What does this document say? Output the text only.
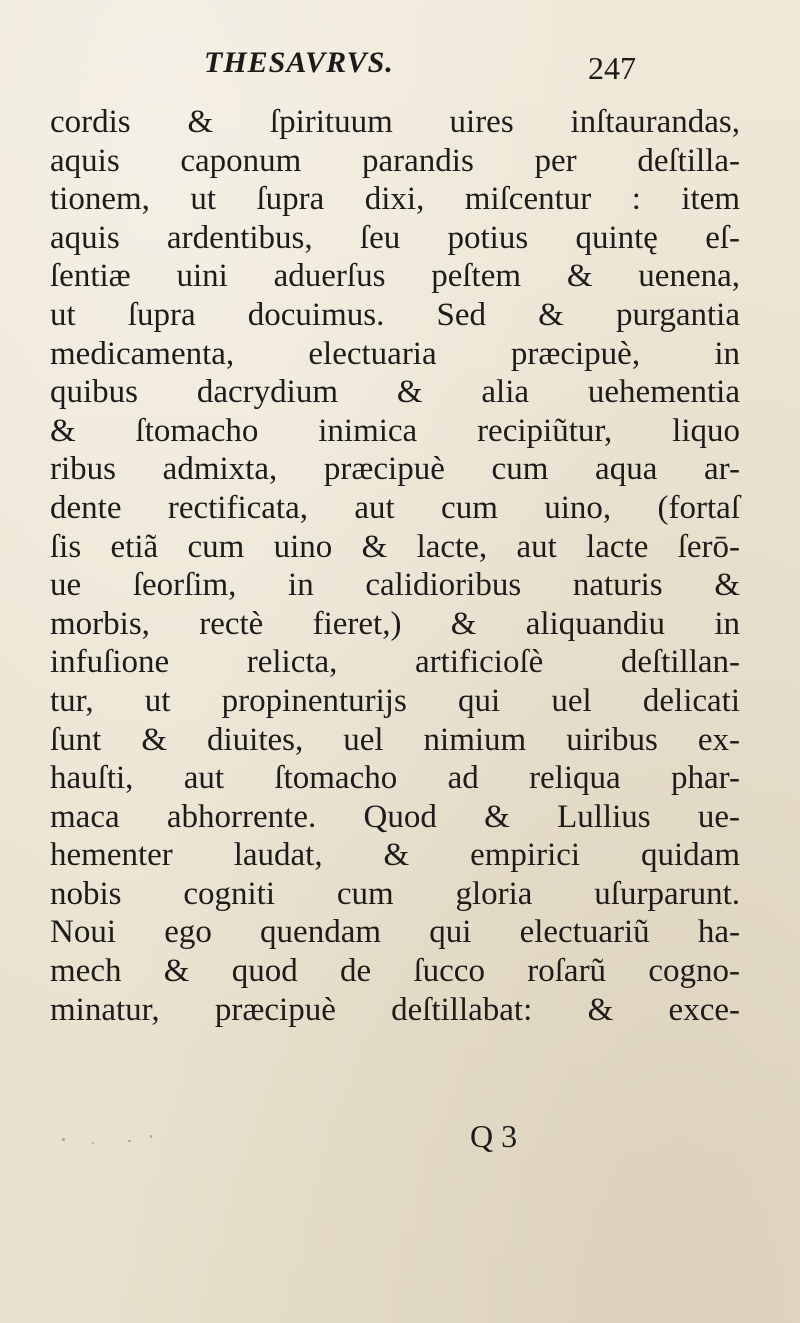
THESAVRVS.	247
cordis & ſpirituum uires inſtaurandas,
aquis caponum parandis per deſtilla-
tionem, ut ſupra dixi, miſcentur : item
aquis ardentibus, ſeu potius quintę eſ-
ſentiæ uini aduerſus peſtem & uenena,
ut ſupra docuimus. Sed & purgantia
medicamenta, electuaria præcipuè, in
quibus dacrydium & alia uehementia
& ſtomacho inimica recipiũtur, liquo
ribus admixta, præcipuè cum aqua ar-
dente rectificata, aut cum uino, (fortaſ
ſis etiã cum uino & lacte, aut lacte ſerō-
ue ſeorſim, in calidioribus naturis &
morbis, rectè fieret,) & aliquandiu in
infuſione relicta, artificioſè deſtillan-
tur, ut propinenturijs qui uel delicati
ſunt & diuites, uel nimium uiribus ex-
hauſti, aut ſtomacho ad reliqua phar-
maca abhorrente. Quod & Lullius ue-
hementer laudat, & empirici quidam
nobis cogniti cum gloria uſurparunt.
Noui ego quendam qui electuariũ ha-
mech & quod de ſucco roſarũ cogno-
minatur, præcipuè deſtillabat: & exce-
Q 3
